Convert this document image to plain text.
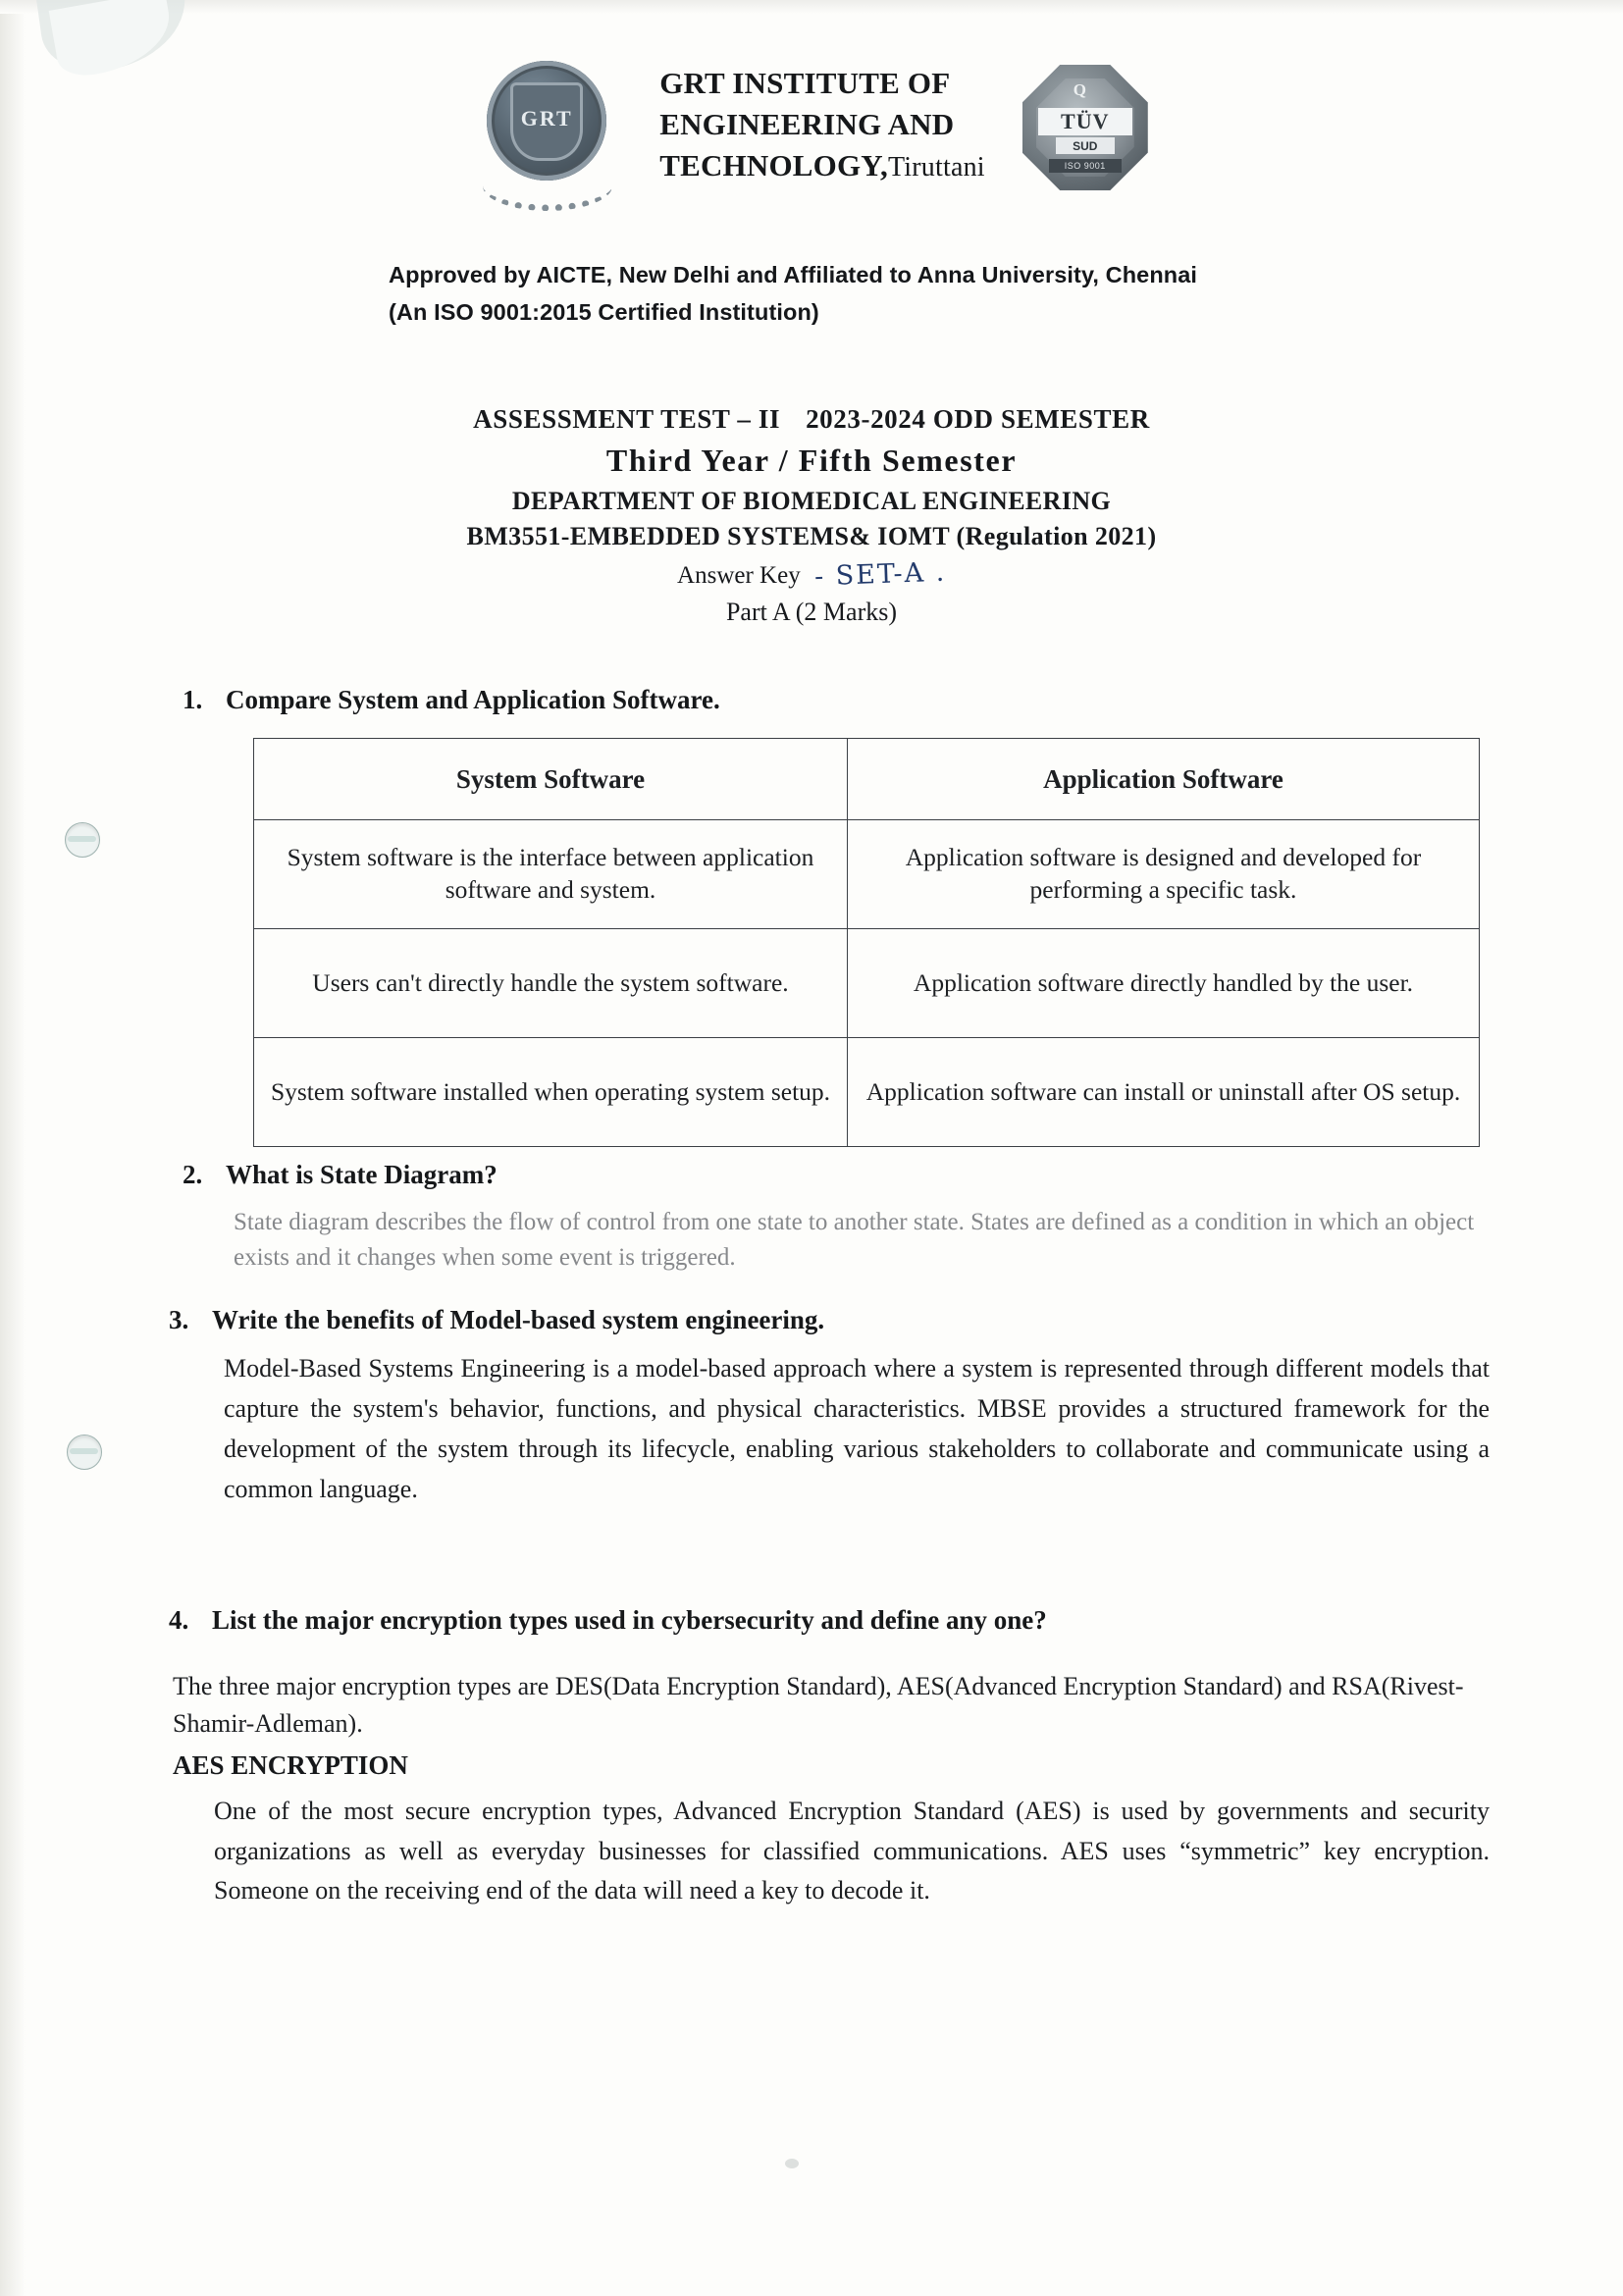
GRT
GRT INSTITUTE OF
ENGINEERING AND
TECHNOLOGY,Tiruttani
Q
TÜV
SUD
ISO 9001
Approved by AICTE, New Delhi and Affiliated to Anna University, Chennai
(An ISO 9001:2015 Certified Institution)
ASSESSMENT TEST – II 2023-2024 ODD SEMESTER
Third Year / Fifth Semester
DEPARTMENT OF BIOMEDICAL ENGINEERING
BM3551-EMBEDDED SYSTEMS& IOMT (Regulation 2021)
Answer Key - SET-A .
Part A (2 Marks)
1. Compare System and Application Software.
System Software	Application Software
System software is the interface between application software and system.	Application software is designed and developed for performing a specific task.
Users can't directly handle the system software.	Application software directly handled by the user.
System software installed when operating system setup.	Application software can install or uninstall after OS setup.
2. What is State Diagram?
State diagram describes the flow of control from one state to another state. States are defined as a condition in which an object exists and it changes when some event is triggered.
3. Write the benefits of Model-based system engineering.
Model-Based Systems Engineering is a model-based approach where a system is represented through different models that capture the system's behavior, functions, and physical characteristics. MBSE provides a structured framework for the development of the system through its lifecycle, enabling various stakeholders to collaborate and communicate using a common language.
4. List the major encryption types used in cybersecurity and define any one?
The three major encryption types are DES(Data Encryption Standard), AES(Advanced Encryption Standard) and RSA(Rivest-Shamir-Adleman).
AES ENCRYPTION
One of the most secure encryption types, Advanced Encryption Standard (AES) is used by governments and security organizations as well as everyday businesses for classified communications. AES uses “symmetric” key encryption. Someone on the receiving end of the data will need a key to decode it.
